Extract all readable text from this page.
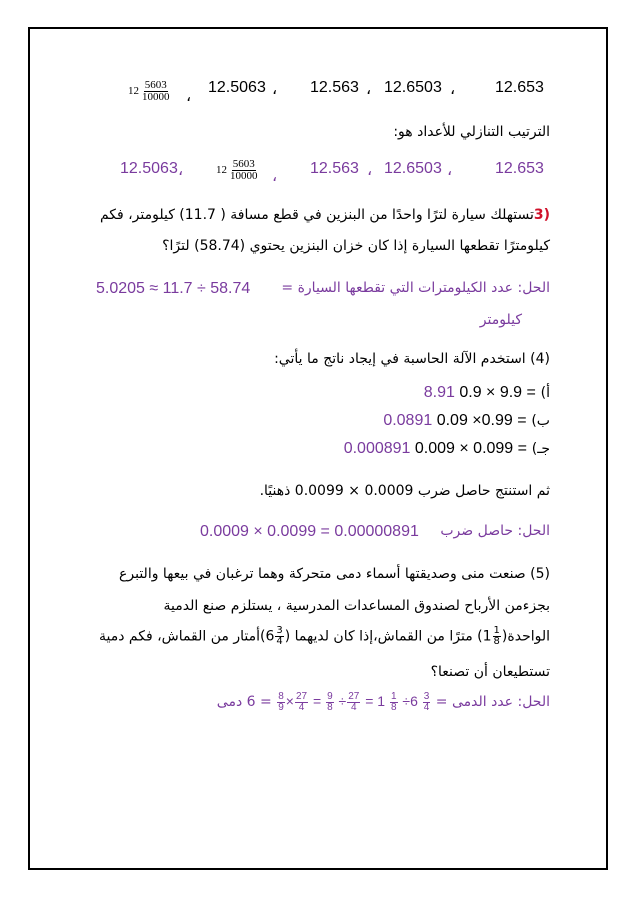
$12 \frac{5603}{10000}$ ،
12.5063 ، 12.563 ، 12.6503 ، 12.653
الترتيب التنازلي للأعداد هو:
12.5063 ،	$12 \frac{5603}{10000}$ ، 12.563 ، 12.6503 ،	12.653
(3تستهلك سيارة لترًا واحدًا من البنزين في قطع مسافة ( 11.7) كيلومتر، فكم
كيلومترًا تقطعها السيارة إذا كان خزان البنزين يحتوي (58.74) لترًا؟
الحل: عدد الكيلومترات التي تقطعها السيارة =
5.0205 ≈ 11.7 ÷ 58.74
كيلومتر
(4) استخدم الآلة الحاسبة في إيجاد ناتج ما يأتي:
أ) 8.91 0.9 × 9.9 =
ب) 0.0891 0.09 ×0.99 =
جـ) 0.000891 0.009 × 0.099 =
ثم استنتج حاصل ضرب 0.0009 × 0.0099 ذهنيًا.
الحل: حاصل ضرب
0.0009 × 0.0099 = 0.00000891
(5) صنعت منى وصديقتها أسماء دمى متحركة وهما ترغبان في بيعها والتبرع
بجزءمن الأرباح لصندوق المساعدات المدرسية ، يستلزم صنع الدمية
الواحدة(1 $\frac{1}{8}$
) مترًا من القماش،إذا كان لديهما ($6 \frac{3}{4}$
)أمتار من القماش، فكم دمية
تستطيعان أن تصنعا؟
الحل: عدد الدمى =
$\frac{8}{9} \times \frac{27}{4} = \frac{9}{8} \div \frac{27}{4} = 1 \frac{1}{8} \div 6 \frac{3}{4}$
= 6 دمى
